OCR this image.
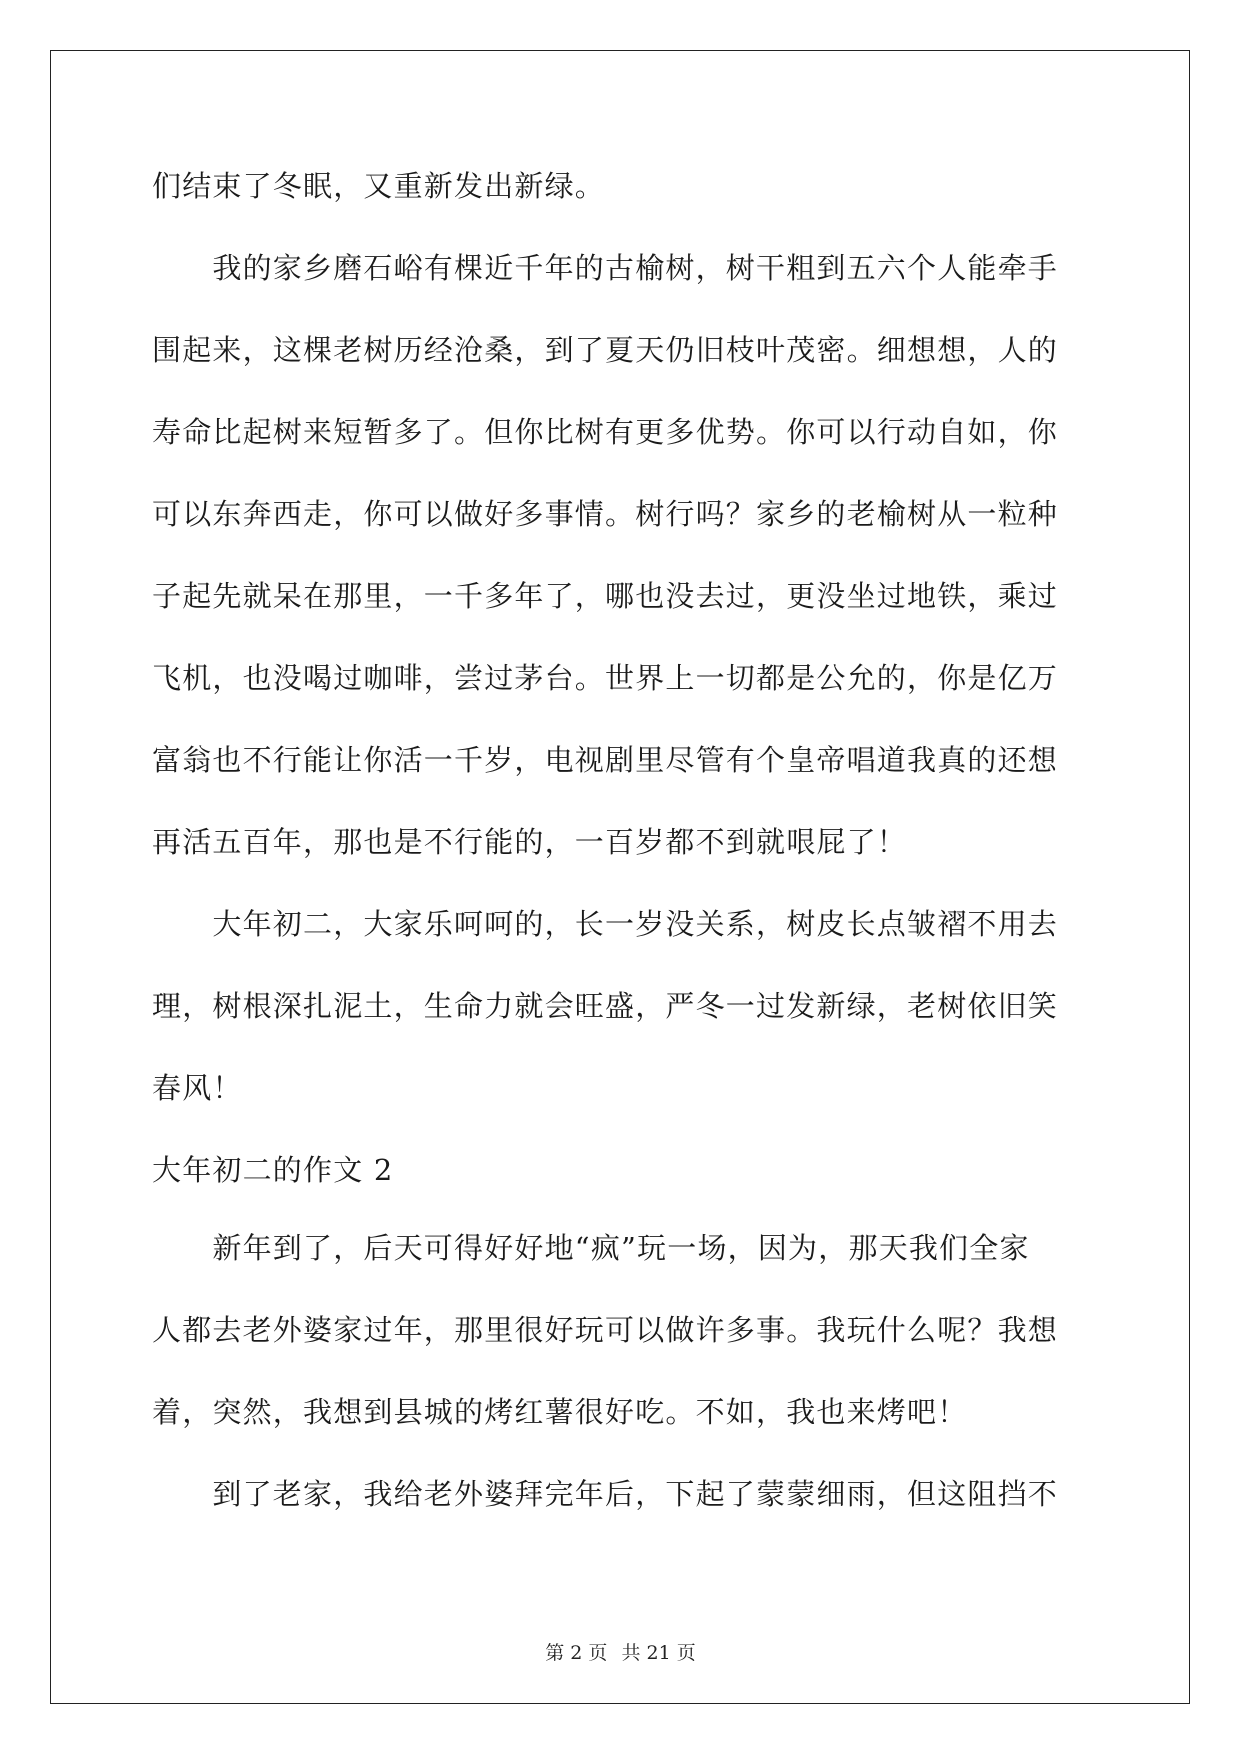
们结束了冬眠，又重新发出新绿。
　　我的家乡磨石峪有棵近千年的古榆树，树干粗到五六个人能牵手
围起来，这棵老树历经沧桑，到了夏天仍旧枝叶茂密。细想想，人的
寿命比起树来短暂多了。但你比树有更多优势。你可以行动自如，你
可以东奔西走，你可以做好多事情。树行吗？家乡的老榆树从一粒种
子起先就呆在那里，一千多年了，哪也没去过，更没坐过地铁，乘过
飞机，也没喝过咖啡，尝过茅台。世界上一切都是公允的，你是亿万
富翁也不行能让你活一千岁，电视剧里尽管有个皇帝唱道我真的还想
再活五百年，那也是不行能的，一百岁都不到就哏屁了！
　　大年初二，大家乐呵呵的，长一岁没关系，树皮长点皱褶不用去
理，树根深扎泥土，生命力就会旺盛，严冬一过发新绿，老树依旧笑
春风！
大年初二的作文 2
　　新年到了，后天可得好好地“疯”玩一场，因为，那天我们全家
人都去老外婆家过年，那里很好玩可以做许多事。我玩什么呢？我想
着，突然，我想到县城的烤红薯很好吃。不如，我也来烤吧！
　　到了老家，我给老外婆拜完年后，下起了蒙蒙细雨，但这阻挡不
第 2 页 共 21 页
